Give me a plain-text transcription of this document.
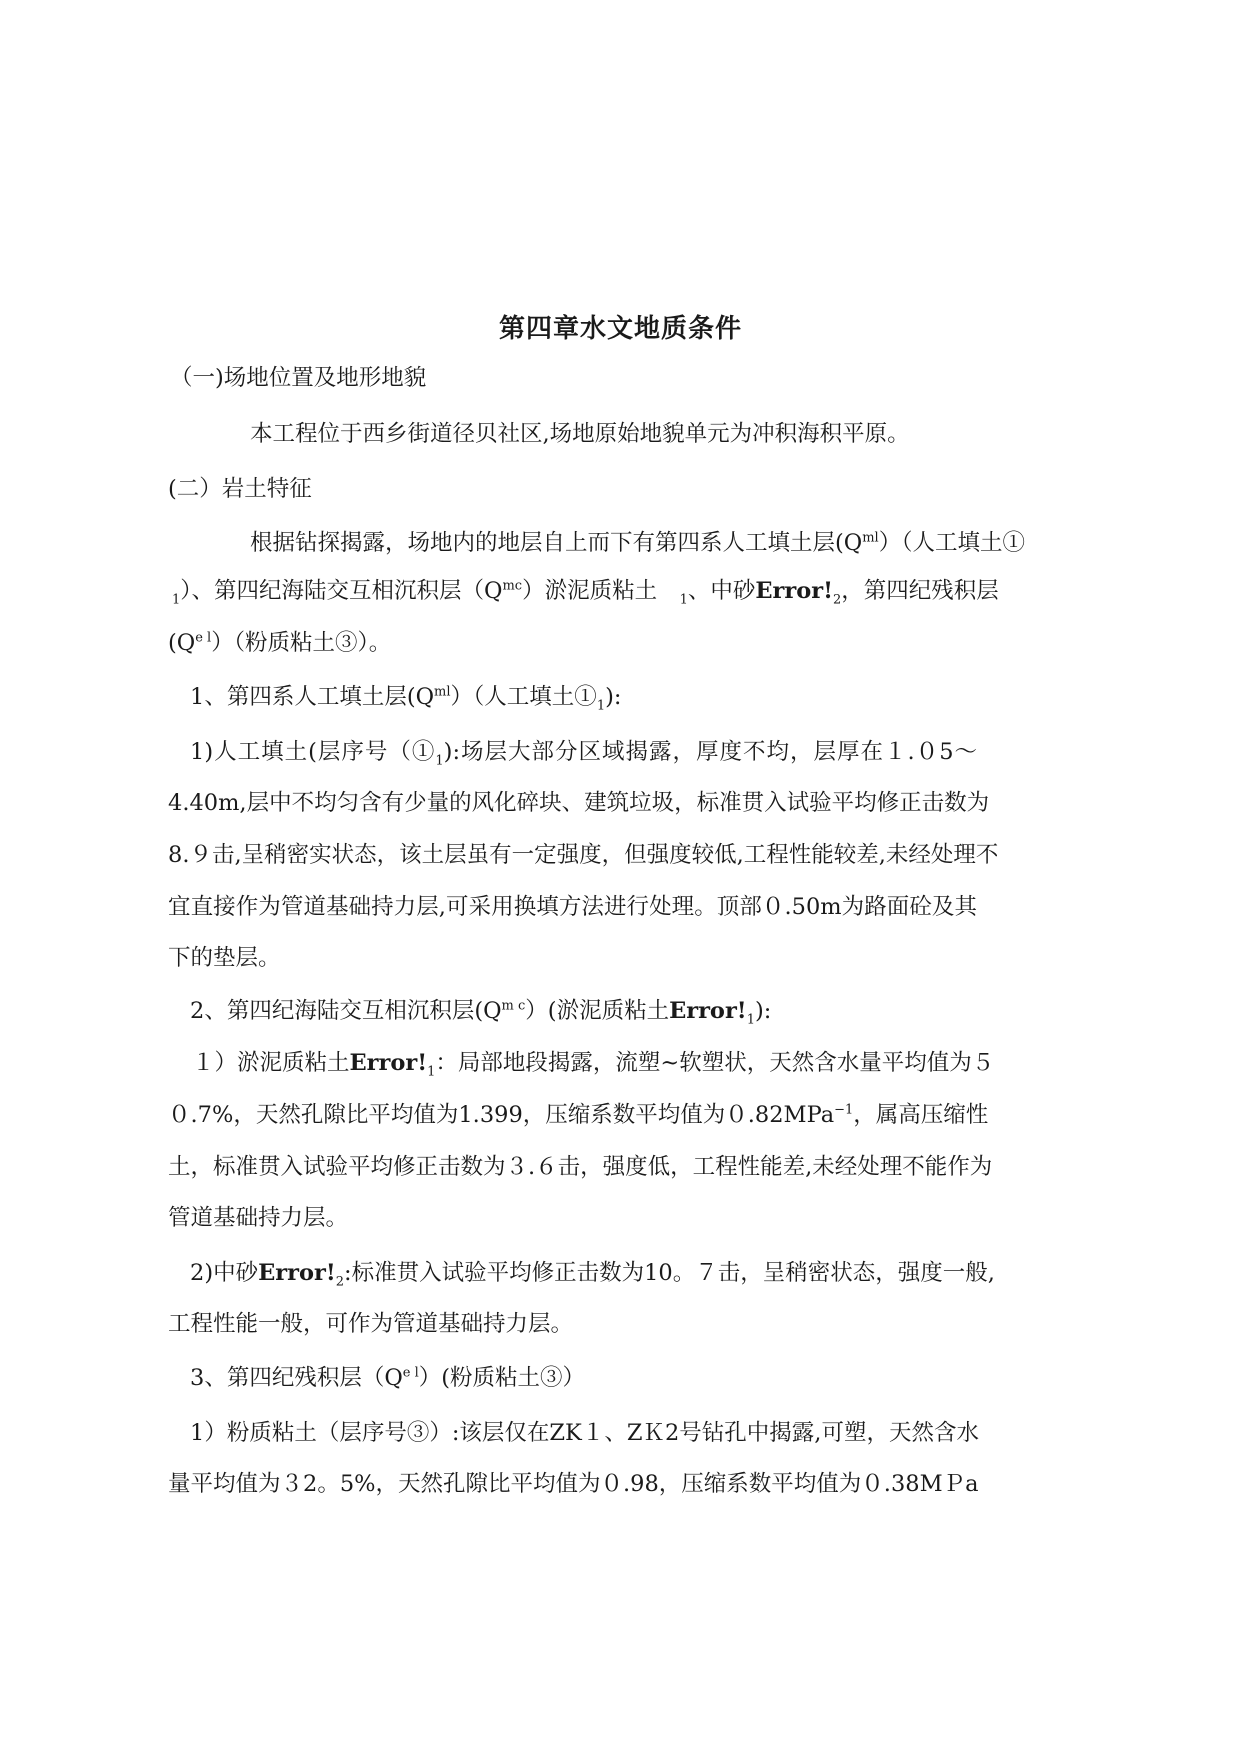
第四章水文地质条件
（一)场地位置及地形地貌
本工程位于西乡街道径贝社区,场地原始地貌单元为冲积海积平原。
(二）岩土特征
根据钻探揭露，场地内的地层自上而下有第四系人工填土层$(Q^{ml})$（人工填土①
$_1$）、第四纪海陆交互相沉积层$(Q^{mc})$淤泥质粘土　$_1$、中砂$Error!_2$，第四纪残积层
$(Q^{e l})$（粉质粘土③）。
1、第四系人工填土层$(Q^{ml})$（人工填土$①_1$):
1)人工填土(层序号$(①_1)$:场层大部分区域揭露，厚度不均，层厚在１.０5～
4.40m,层中不均匀含有少量的风化碎块、建筑垃圾，标准贯入试验平均修正击数为
8.９击,呈稍密实状态，该土层虽有一定强度，但强度较低,工程性能较差,未经处理不
宜直接作为管道基础持力层,可采用换填方法进行处理。顶部０.50m为路面砼及其
下的垫层。
2、第四纪海陆交互相沉积层$(Q^{m c})$(淤泥质粘土$Error!_1$):
１）淤泥质粘土$Error!_1$：局部地段揭露，流塑~软塑状，天然含水量平均值为５
０.7%，天然孔隙比平均值为1.399，压缩系数平均值为０.82MPa$^{-1}$，属高压缩性
土，标准贯入试验平均修正击数为３.６击，强度低，工程性能差,未经处理不能作为
管道基础持力层。
2)中砂$Error!_2$:标准贯入试验平均修正击数为10。７击，呈稍密状态，强度一般,
工程性能一般，可作为管道基础持力层。
3、第四纪残积层$(Q^{e l})$(粉质粘土③）
1）粉质粘土（层序号③）:该层仅在ZK１、ZＫ2号钻孔中揭露,可塑，天然含水
量平均值为３2。5%，天然孔隙比平均值为０.98，压缩系数平均值为０.38MＰa
